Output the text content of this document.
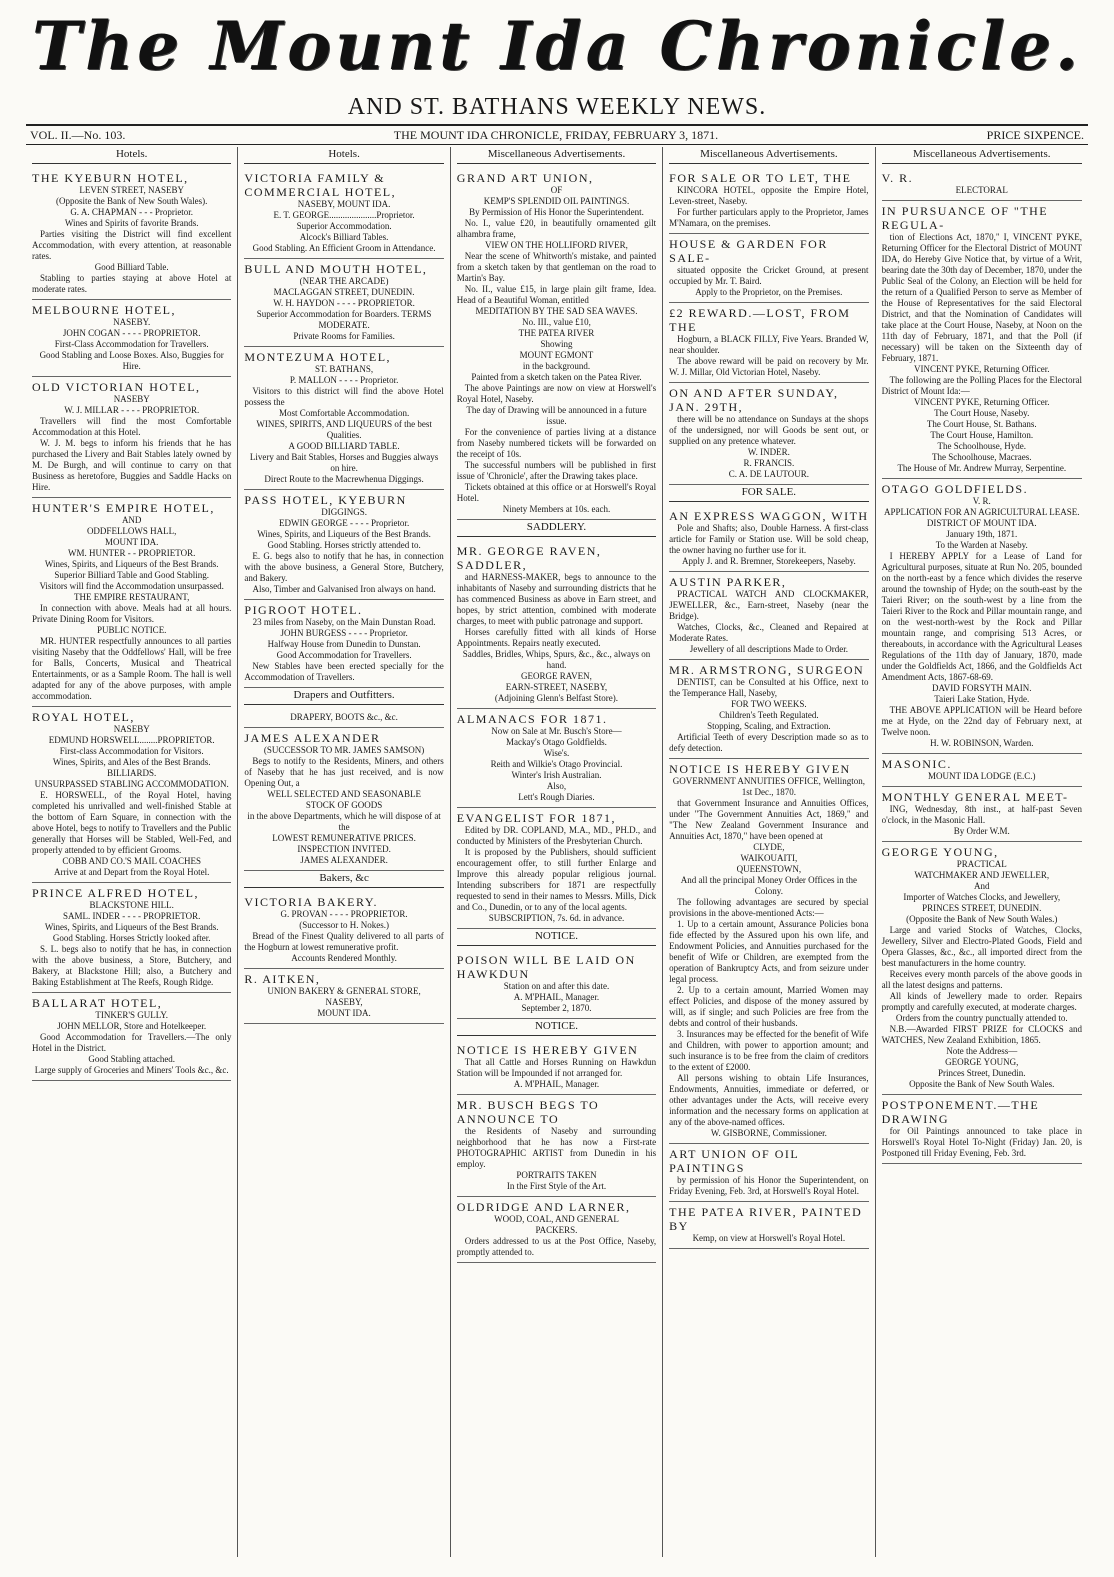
The Mount Ida Chronicle.
AND ST. BATHANS WEEKLY NEWS.
VOL. II.—No. 103.	THE MOUNT IDA CHRONICLE, FRIDAY, FEBRUARY 3, 1871.	PRICE SIXPENCE.
Hotels.
THE KYEBURN HOTEL,
LEVEN STREET, NASEBY
(Opposite the Bank of New South Wales).
G. A. CHAPMAN - - - Proprietor.
Wines and Spirits of favorite Brands.
Parties visiting the District will find excellent Accommodation, with every attention, at reasonable rates.
Good Billiard Table.
Stabling to parties staying at above Hotel at moderate rates.
MELBOURNE HOTEL,
NASEBY.
JOHN COGAN - - - - PROPRIETOR.
First-Class Accommodation for Travellers.
Good Stabling and Loose Boxes. Also, Buggies for Hire.
OLD VICTORIAN HOTEL,
NASEBY
W. J. MILLAR - - - - PROPRIETOR.
Travellers will find the most Comfortable Accommodation at this Hotel.
W. J. M. begs to inform his friends that he has purchased the Livery and Bait Stables lately owned by M. De Burgh, and will continue to carry on that Business as heretofore, Buggies and Saddle Hacks on Hire.
HUNTER'S EMPIRE HOTEL,
AND
ODDFELLOWS HALL,
MOUNT IDA.
WM. HUNTER - - PROPRIETOR.
Wines, Spirits, and Liqueurs of the Best Brands.
Superior Billiard Table and Good Stabling.
Visitors will find the Accommodation unsurpassed.
THE EMPIRE RESTAURANT,
In connection with above. Meals had at all hours. Private Dining Room for Visitors.
PUBLIC NOTICE.
MR. HUNTER respectfully announces to all parties visiting Naseby that the Oddfellows' Hall, will be free for Balls, Concerts, Musical and Theatrical Entertainments, or as a Sample Room. The hall is well adapted for any of the above purposes, with ample accommodation.
ROYAL HOTEL,
NASEBY
EDMUND HORSWELL........PROPRIETOR.
First-class Accommodation for Visitors.
Wines, Spirits, and Ales of the Best Brands.
BILLIARDS.
UNSURPASSED STABLING ACCOMMODATION.
E. HORSWELL, of the Royal Hotel, having completed his unrivalled and well-finished Stable at the bottom of Earn Square, in connection with the above Hotel, begs to notify to Travellers and the Public generally that Horses will be Stabled, Well-Fed, and properly attended to by efficient Grooms.
COBB AND CO.'S MAIL COACHES
Arrive at and Depart from the Royal Hotel.
PRINCE ALFRED HOTEL,
BLACKSTONE HILL.
SAML. INDER - - - - PROPRIETOR.
Wines, Spirits, and Liqueurs of the Best Brands.
Good Stabling. Horses Strictly looked after.
S. L. begs also to notify that he has, in connection with the above business, a Store, Butchery, and Bakery, at Blackstone Hill; also, a Butchery and Baking Establishment at The Reefs, Rough Ridge.
BALLARAT HOTEL,
TINKER'S GULLY.
JOHN MELLOR, Store and Hotelkeeper.
Good Accommodation for Travellers.—The only Hotel in the District.
Good Stabling attached.
Large supply of Groceries and Miners' Tools &c., &c.
Hotels.
VICTORIA FAMILY & COMMERCIAL HOTEL,
NASEBY, MOUNT IDA.
E. T. GEORGE.....................Proprietor.
Superior Accommodation.
Alcock's Billiard Tables.
Good Stabling. An Efficient Groom in Attendance.
BULL AND MOUTH HOTEL,
(NEAR THE ARCADE)
MACLAGGAN STREET, DUNEDIN.
W. H. HAYDON - - - - PROPRIETOR.
Superior Accommodation for Boarders. TERMS MODERATE.
Private Rooms for Families.
MONTEZUMA HOTEL,
ST. BATHANS,
P. MALLON - - - - Proprietor.
Visitors to this district will find the above Hotel possess the
Most Comfortable Accommodation.
WINES, SPIRITS, AND LIQUEURS of the best Qualities.
A GOOD BILLIARD TABLE.
Livery and Bait Stables, Horses and Buggies always on hire.
Direct Route to the Macrewhenua Diggings.
PASS HOTEL, KYEBURN
DIGGINGS.
EDWIN GEORGE - - - - Proprietor.
Wines, Spirits, and Liqueurs of the Best Brands.
Good Stabling. Horses strictly attended to.
E. G. begs also to notify that he has, in connection with the above business, a General Store, Butchery, and Bakery.
Also, Timber and Galvanised Iron always on hand.
PIGROOT HOTEL.
23 miles from Naseby, on the Main Dunstan Road.
JOHN BURGESS - - - - Proprietor.
Halfway House from Dunedin to Dunstan.
Good Accommodation for Travellers.
New Stables have been erected specially for the Accommodation of Travellers.
Drapers and Outfitters.
DRAPERY, BOOTS &c., &c.
JAMES ALEXANDER
(SUCCESSOR TO MR. JAMES SAMSON)
Begs to notify to the Residents, Miners, and others of Naseby that he has just received, and is now Opening Out, a
WELL SELECTED AND SEASONABLE
STOCK OF GOODS
in the above Departments, which he will dispose of at the
LOWEST REMUNERATIVE PRICES.
INSPECTION INVITED.
JAMES ALEXANDER.
Bakers, &c
VICTORIA BAKERY.
G. PROVAN - - - - PROPRIETOR.
(Successor to H. Nokes.)
Bread of the Finest Quality delivered to all parts of the Hogburn at lowest remunerative profit.
Accounts Rendered Monthly.
R. AITKEN,
UNION BAKERY & GENERAL STORE,
NASEBY,
MOUNT IDA.
Miscellaneous Advertisements.
GRAND ART UNION,
OF
KEMP'S SPLENDID OIL PAINTINGS.
By Permission of His Honor the Superintendent.
No. I., value £20, in beautifully ornamented gilt alhambra frame,
VIEW ON THE HOLLIFORD RIVER,
Near the scene of Whitworth's mistake, and painted from a sketch taken by that gentleman on the road to Martin's Bay.
No. II., value £15, in large plain gilt frame, Idea. Head of a Beautiful Woman, entitled
MEDITATION BY THE SAD SEA WAVES.
No. III., value £10,
THE PATEA RIVER
Showing
MOUNT EGMONT
in the background.
Painted from a sketch taken on the Patea River.
The above Paintings are now on view at Horswell's Royal Hotel, Naseby.
The day of Drawing will be announced in a future issue.
For the convenience of parties living at a distance from Naseby numbered tickets will be forwarded on the receipt of 10s.
The successful numbers will be published in first issue of 'Chronicle', after the Drawing takes place.
Tickets obtained at this office or at Horswell's Royal Hotel.
Ninety Members at 10s. each.
SADDLERY.
MR. GEORGE RAVEN, SADDLER,
and HARNESS-MAKER, begs to announce to the inhabitants of Naseby and surrounding districts that he has commenced Business as above in Earn street, and hopes, by strict attention, combined with moderate charges, to meet with public patronage and support.
Horses carefully fitted with all kinds of Horse Appointments. Repairs neatly executed.
Saddles, Bridles, Whips, Spurs, &c., &c., always on hand.
GEORGE RAVEN,
EARN-STREET, NASEBY,
(Adjoining Glenn's Belfast Store).
ALMANACS FOR 1871.
Now on Sale at Mr. Busch's Store—
Mackay's Otago Goldfields.
Wise's.
Reith and Wilkie's Otago Provincial.
Winter's Irish Australian.
Also,
Lett's Rough Diaries.
EVANGELIST FOR 1871,
Edited by DR. COPLAND, M.A., MD., PH.D., and conducted by Ministers of the Presbyterian Church.
It is proposed by the Publishers, should sufficient encouragement offer, to still further Enlarge and Improve this already popular religious journal. Intending subscribers for 1871 are respectfully requested to send in their names to Messrs. Mills, Dick and Co., Dunedin, or to any of the local agents.
SUBSCRIPTION, 7s. 6d. in advance.
NOTICE.
POISON WILL BE LAID ON HAWKDUN
Station on and after this date.
A. M'PHAIL, Manager.
September 2, 1870.
NOTICE.
NOTICE IS HEREBY GIVEN
That all Cattle and Horses Running on Hawkdun Station will be Impounded if not arranged for.
A. M'PHAIL, Manager.
MR. BUSCH BEGS TO ANNOUNCE TO
the Residents of Naseby and surrounding neighborhood that he has now a First-rate PHOTOGRAPHIC ARTIST from Dunedin in his employ.
PORTRAITS TAKEN
In the First Style of the Art.
OLDRIDGE AND LARNER,
WOOD, COAL, AND GENERAL
PACKERS.
Orders addressed to us at the Post Office, Naseby, promptly attended to.
Miscellaneous Advertisements.
FOR SALE OR TO LET, THE
KINCORA HOTEL, opposite the Empire Hotel, Leven-street, Naseby.
For further particulars apply to the Proprietor, James M'Namara, on the premises.
HOUSE & GARDEN FOR SALE-
situated opposite the Cricket Ground, at present occupied by Mr. T. Baird.
Apply to the Proprietor, on the Premises.
£2 REWARD.—LOST, FROM THE
Hogburn, a BLACK FILLY, Five Years. Branded W, near shoulder.
The above reward will be paid on recovery by Mr. W. J. Millar, Old Victorian Hotel, Naseby.
ON AND AFTER SUNDAY, JAN. 29TH,
there will be no attendance on Sundays at the shops of the undersigned, nor will Goods be sent out, or supplied on any pretence whatever.
W. INDER.
R. FRANCIS.
C. A. DE LAUTOUR.
FOR SALE.
AN EXPRESS WAGGON, WITH
Pole and Shafts; also, Double Harness. A first-class article for Family or Station use. Will be sold cheap, the owner having no further use for it.
Apply J. and R. Bremner, Storekeepers, Naseby.
AUSTIN PARKER,
PRACTICAL WATCH AND CLOCKMAKER, JEWELLER, &c., Earn-street, Naseby (near the Bridge).
Watches, Clocks, &c., Cleaned and Repaired at Moderate Rates.
Jewellery of all descriptions Made to Order.
MR. ARMSTRONG, SURGEON
DENTIST, can be Consulted at his Office, next to the Temperance Hall, Naseby,
FOR TWO WEEKS.
Children's Teeth Regulated.
Stopping, Scaling, and Extraction.
Artificial Teeth of every Description made so as to defy detection.
NOTICE IS HEREBY GIVEN
GOVERNMENT ANNUITIES OFFICE, Wellington, 1st Dec., 1870.
that Government Insurance and Annuities Offices, under "The Government Annuities Act, 1869," and "The New Zealand Government Insurance and Annuities Act, 1870," have been opened at
CLYDE,
WAIKOUAITI,
QUEENSTOWN,
And all the principal Money Order Offices in the Colony.
The following advantages are secured by special provisions in the above-mentioned Acts:—
1. Up to a certain amount, Assurance Policies bona fide effected by the Assured upon his own life, and Endowment Policies, and Annuities purchased for the benefit of Wife or Children, are exempted from the operation of Bankruptcy Acts, and from seizure under legal process.
2. Up to a certain amount, Married Women may effect Policies, and dispose of the money assured by will, as if single; and such Policies are free from the debts and control of their husbands.
3. Insurances may be effected for the benefit of Wife and Children, with power to apportion amount; and such insurance is to be free from the claim of creditors to the extent of £2000.
All persons wishing to obtain Life Insurances, Endowments, Annuities, immediate or deferred, or other advantages under the Acts, will receive every information and the necessary forms on application at any of the above-named offices.
W. GISBORNE, Commissioner.
ART UNION OF OIL PAINTINGS
by permission of his Honor the Superintendent, on Friday Evening, Feb. 3rd, at Horswell's Royal Hotel.
THE PATEA RIVER, PAINTED BY
Kemp, on view at Horswell's Royal Hotel.
Miscellaneous Advertisements.
V. R.
ELECTORAL
IN PURSUANCE OF "THE REGULA-
tion of Elections Act, 1870," I, VINCENT PYKE, Returning Officer for the Electoral District of MOUNT IDA, do Hereby Give Notice that, by virtue of a Writ, bearing date the 30th day of December, 1870, under the Public Seal of the Colony, an Election will be held for the return of a Qualified Person to serve as Member of the House of Representatives for the said Electoral District, and that the Nomination of Candidates will take place at the Court House, Naseby, at Noon on the 11th day of February, 1871, and that the Poll (if necessary) will be taken on the Sixteenth day of February, 1871.
VINCENT PYKE, Returning Officer.
The following are the Polling Places for the Electoral District of Mount Ida:—
VINCENT PYKE, Returning Officer.
The Court House, Naseby.
The Court House, St. Bathans.
The Court House, Hamilton.
The Schoolhouse, Hyde.
The Schoolhouse, Macraes.
The House of Mr. Andrew Murray, Serpentine.
OTAGO GOLDFIELDS.
V. R.
APPLICATION FOR AN AGRICULTURAL LEASE.
DISTRICT OF MOUNT IDA.
January 19th, 1871.
To the Warden at Naseby.
I HEREBY APPLY for a Lease of Land for Agricultural purposes, situate at Run No. 205, bounded on the north-east by a fence which divides the reserve around the township of Hyde; on the south-east by the Taieri River; on the south-west by a line from the Taieri River to the Rock and Pillar mountain range, and on the west-north-west by the Rock and Pillar mountain range, and comprising 513 Acres, or thereabouts, in accordance with the Agricultural Leases Regulations of the 11th day of January, 1870, made under the Goldfields Act, 1866, and the Goldfields Act Amendment Acts, 1867-68-69.
DAVID FORSYTH MAIN.
Taieri Lake Station, Hyde.
THE ABOVE APPLICATION will be Heard before me at Hyde, on the 22nd day of February next, at Twelve noon.
H. W. ROBINSON, Warden.
MASONIC.
MOUNT IDA LODGE (E.C.)
MONTHLY GENERAL MEET-
ING, Wednesday, 8th inst., at half-past Seven o'clock, in the Masonic Hall.
By Order W.M.
GEORGE YOUNG,
PRACTICAL
WATCHMAKER AND JEWELLER,
And
Importer of Watches Clocks, and Jewellery,
PRINCES STREET, DUNEDIN.
(Opposite the Bank of New South Wales.)
Large and varied Stocks of Watches, Clocks, Jewellery, Silver and Electro-Plated Goods, Field and Opera Glasses, &c., &c., all imported direct from the best manufacturers in the home country.
Receives every month parcels of the above goods in all the latest designs and patterns.
All kinds of Jewellery made to order. Repairs promptly and carefully executed, at moderate charges.
Orders from the country punctually attended to.
N.B.—Awarded FIRST PRIZE for CLOCKS and WATCHES, New Zealand Exhibition, 1865.
Note the Address—
GEORGE YOUNG,
Princes Street, Dunedin.
Opposite the Bank of New South Wales.
POSTPONEMENT.—THE DRAWING
for Oil Paintings announced to take place in Horswell's Royal Hotel To-Night (Friday) Jan. 20, is Postponed till Friday Evening, Feb. 3rd.
